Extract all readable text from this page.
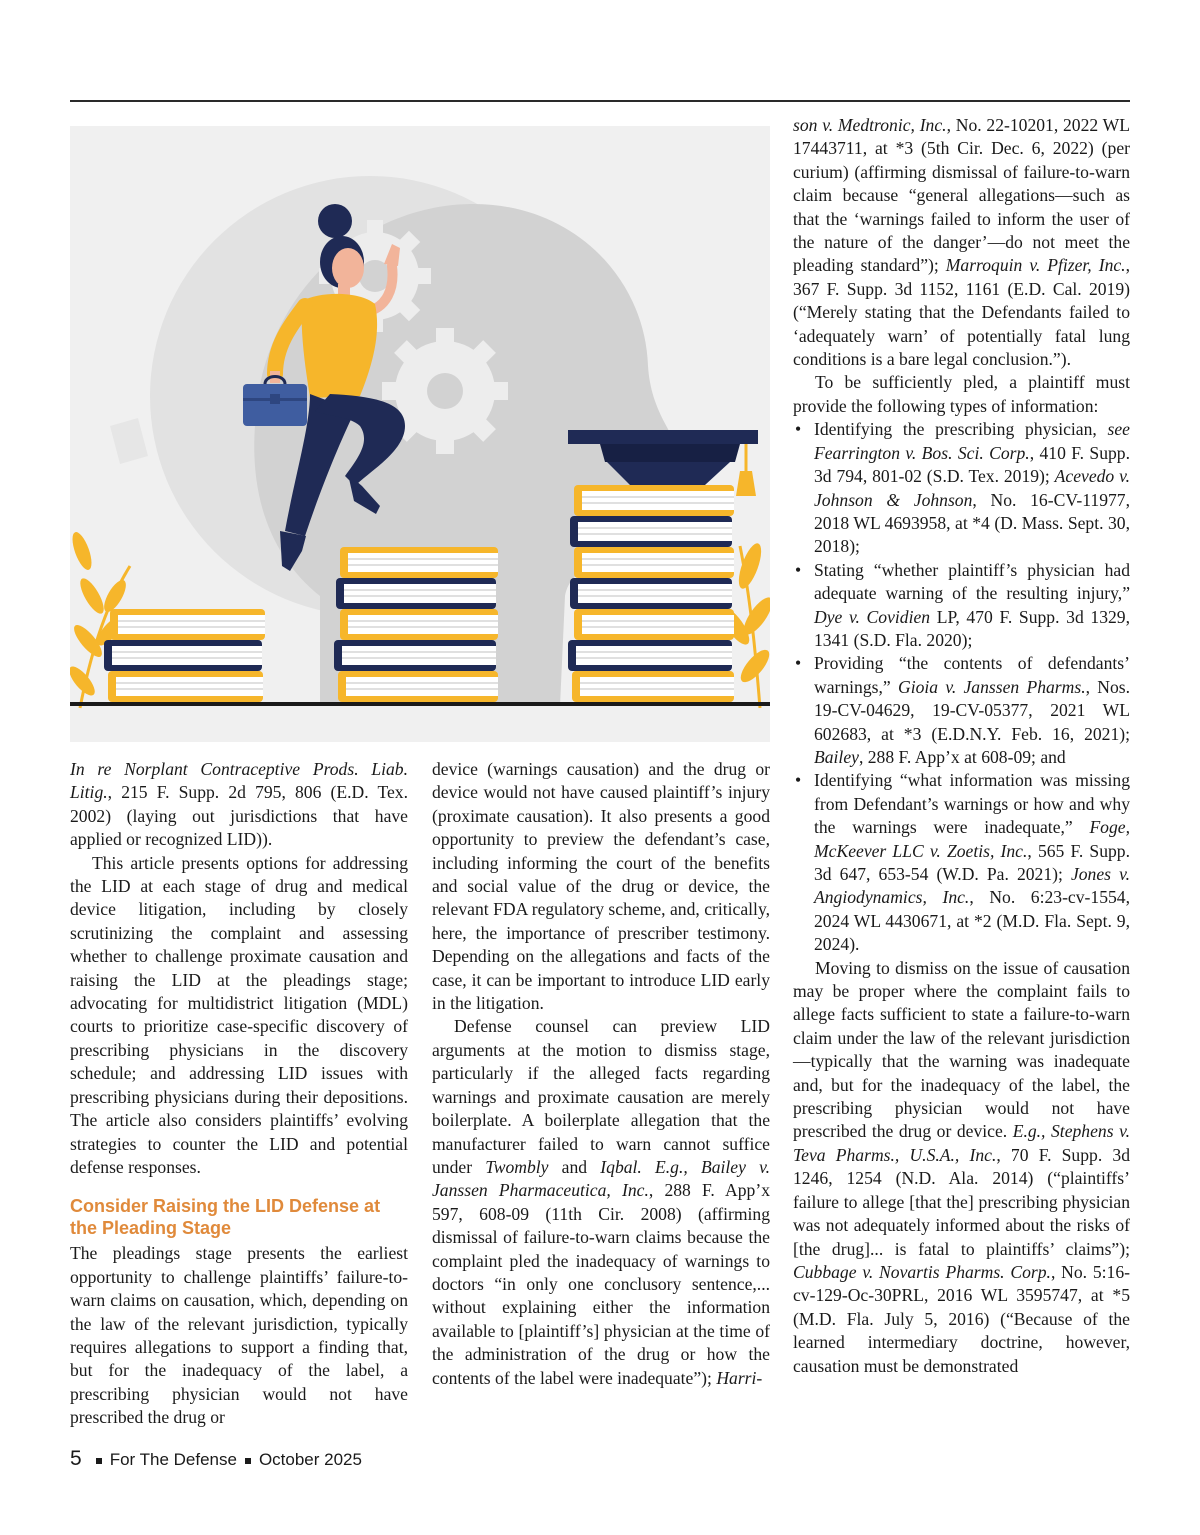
In re Norplant Contraceptive Prods. Liab. Litig., 215 F. Supp. 2d 795, 806 (E.D. Tex. 2002) (laying out jurisdictions that have applied or recognized LID)).

This article presents options for addressing the LID at each stage of drug and medical device litigation, including by closely scrutinizing the complaint and assessing whether to challenge proximate causation and raising the LID at the pleadings stage; advocating for multidistrict litigation (MDL) courts to prioritize case-specific discovery of prescribing physicians in the discovery schedule; and addressing LID issues with prescribing physicians during their depositions. The article also considers plaintiffs’ evolving strategies to counter the LID and potential defense responses.

Consider Raising the LID Defense at the Pleading Stage

The pleadings stage presents the earliest opportunity to challenge plaintiffs’ failure-to-warn claims on causation, which, depending on the law of the relevant jurisdiction, typically requires allegations to support a finding that, but for the inadequacy of the label, a prescribing physician would not have prescribed the drug or

device (warnings causation) and the drug or device would not have caused plaintiff’s injury (proximate causation). It also presents a good opportunity to preview the defendant’s case, including informing the court of the benefits and social value of the drug or device, the relevant FDA regulatory scheme, and, critically, here, the importance of prescriber testimony. Depending on the allegations and facts of the case, it can be important to introduce LID early in the litigation.

Defense counsel can preview LID arguments at the motion to dismiss stage, particularly if the alleged facts regarding warnings and proximate causation are merely boilerplate. A boilerplate allegation that the manufacturer failed to warn cannot suffice under Twombly and Iqbal. E.g., Bailey v. Janssen Pharmaceutica, Inc., 288 F. App’x 597, 608-09 (11th Cir. 2008) (affirming dismissal of failure-to-warn claims because the complaint pled the inadequacy of warnings to doctors “in only one conclusory sentence,... without explaining either the information available to [plaintiff’s] physician at the time of the administration of the drug or how the contents of the label were inadequate”); Harri-

son v. Medtronic, Inc., No. 22-10201, 2022 WL 17443711, at *3 (5th Cir. Dec. 6, 2022) (per curium) (affirming dismissal of failure-to-warn claim because “general allegations—such as that the ‘warnings failed to inform the user of the nature of the danger’—do not meet the pleading standard”); Marroquin v. Pfizer, Inc., 367 F. Supp. 3d 1152, 1161 (E.D. Cal. 2019) (“Merely stating that the Defendants failed to ‘adequately warn’ of potentially fatal lung conditions is a bare legal conclusion.”).

To be sufficiently pled, a plaintiff must provide the following types of information:

• Identifying the prescribing physician, see Fearrington v. Bos. Sci. Corp., 410 F. Supp. 3d 794, 801-02 (S.D. Tex. 2019); Acevedo v. Johnson & Johnson, No. 16-CV-11977, 2018 WL 4693958, at *4 (D. Mass. Sept. 30, 2018);
• Stating “whether plaintiff’s physician had adequate warning of the resulting injury,” Dye v. Covidien LP, 470 F. Supp. 3d 1329, 1341 (S.D. Fla. 2020);
• Providing “the contents of defendants’ warnings,” Gioia v. Janssen Pharms., Nos. 19-CV-04629, 19-CV-05377, 2021 WL 602683, at *3 (E.D.N.Y. Feb. 16, 2021); Bailey, 288 F. App’x at 608-09; and
• Identifying “what information was missing from Defendant’s warnings or how and why the warnings were inadequate,” Foge, McKeever LLC v. Zoetis, Inc., 565 F. Supp. 3d 647, 653-54 (W.D. Pa. 2021); Jones v. Angiodynamics, Inc., No. 6:23-cv-1554, 2024 WL 4430671, at *2 (M.D. Fla. Sept. 9, 2024).

Moving to dismiss on the issue of causation may be proper where the complaint fails to allege facts sufficient to state a failure-to-warn claim under the law of the relevant jurisdiction—typically that the warning was inadequate and, but for the inadequacy of the label, the prescribing physician would not have prescribed the drug or device. E.g., Stephens v. Teva Pharms., U.S.A., Inc., 70 F. Supp. 3d 1246, 1254 (N.D. Ala. 2014) (“plaintiffs’ failure to allege [that the] prescribing physician was not adequately informed about the risks of [the drug]... is fatal to plaintiffs’ claims”); Cubbage v. Novartis Pharms. Corp., No. 5:16-cv-129-Oc-30PRL, 2016 WL 3595747, at *5 (M.D. Fla. July 5, 2016) (“Because of the learned intermediary doctrine, however, causation must be demonstrated

5 For The Defense October 2025
